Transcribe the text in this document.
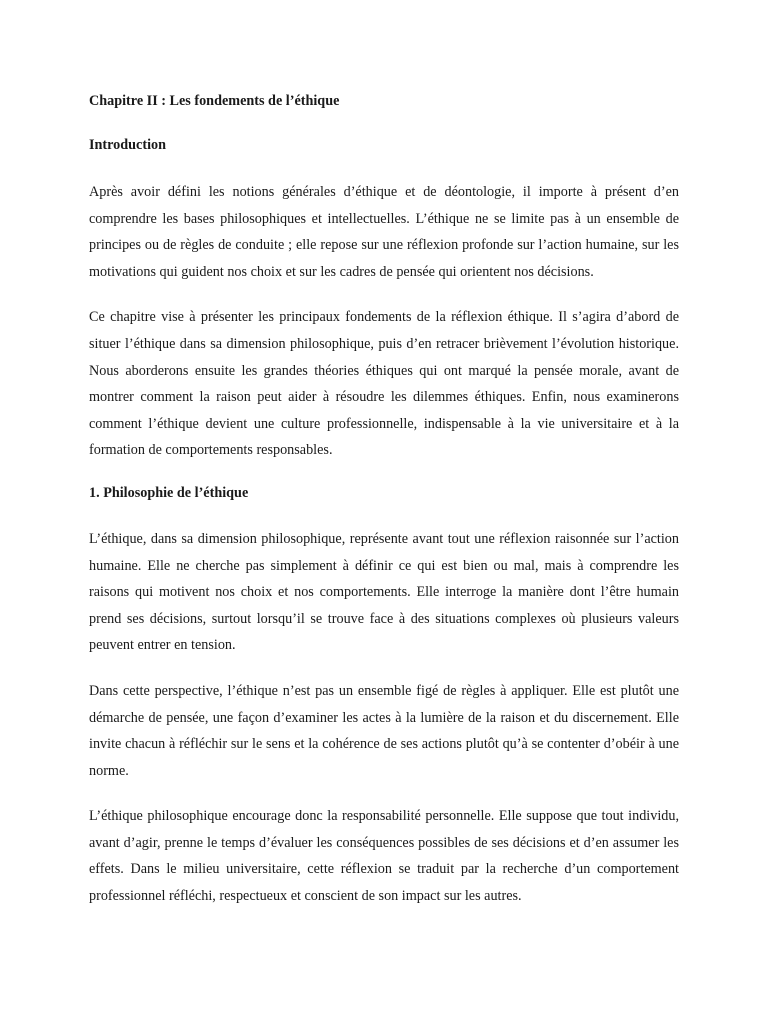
Chapitre II : Les fondements de l’éthique

Introduction

Après avoir défini les notions générales d’éthique et de déontologie, il importe à présent d’en comprendre les bases philosophiques et intellectuelles. L’éthique ne se limite pas à un ensemble de principes ou de règles de conduite ; elle repose sur une réflexion profonde sur l’action humaine, sur les motivations qui guident nos choix et sur les cadres de pensée qui orientent nos décisions.

Ce chapitre vise à présenter les principaux fondements de la réflexion éthique. Il s’agira d’abord de situer l’éthique dans sa dimension philosophique, puis d’en retracer brièvement l’évolution historique. Nous aborderons ensuite les grandes théories éthiques qui ont marqué la pensée morale, avant de montrer comment la raison peut aider à résoudre les dilemmes éthiques. Enfin, nous examinerons comment l’éthique devient une culture professionnelle, indispensable à la vie universitaire et à la formation de comportements responsables.

1. Philosophie de l’éthique

L’éthique, dans sa dimension philosophique, représente avant tout une réflexion raisonnée sur l’action humaine. Elle ne cherche pas simplement à définir ce qui est bien ou mal, mais à comprendre les raisons qui motivent nos choix et nos comportements. Elle interroge la manière dont l’être humain prend ses décisions, surtout lorsqu’il se trouve face à des situations complexes où plusieurs valeurs peuvent entrer en tension.

Dans cette perspective, l’éthique n’est pas un ensemble figé de règles à appliquer. Elle est plutôt une démarche de pensée, une façon d’examiner les actes à la lumière de la raison et du discernement. Elle invite chacun à réfléchir sur le sens et la cohérence de ses actions plutôt qu’à se contenter d’obéir à une norme.

L’éthique philosophique encourage donc la responsabilité personnelle. Elle suppose que tout individu, avant d’agir, prenne le temps d’évaluer les conséquences possibles de ses décisions et d’en assumer les effets. Dans le milieu universitaire, cette réflexion se traduit par la recherche d’un comportement professionnel réfléchi, respectueux et conscient de son impact sur les autres.
